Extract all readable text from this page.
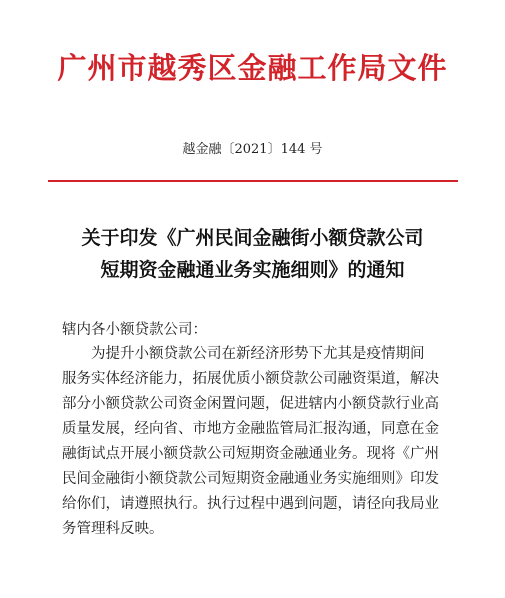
广州市越秀区金融工作局文件
越金融〔2021〕144 号
关于印发《广州民间金融街小额贷款公司
短期资金融通业务实施细则》的通知
辖内各小额贷款公司：
为提升小额贷款公司在新经济形势下尤其是疫情期间
服务实体经济能力，拓展优质小额贷款公司融资渠道，解决
部分小额贷款公司资金闲置问题，促进辖内小额贷款行业高
质量发展，经向省、市地方金融监管局汇报沟通，同意在金
融街试点开展小额贷款公司短期资金融通业务。现将《广州
民间金融街小额贷款公司短期资金融通业务实施细则》印发
给你们，请遵照执行。执行过程中遇到问题，请径向我局业
务管理科反映。
